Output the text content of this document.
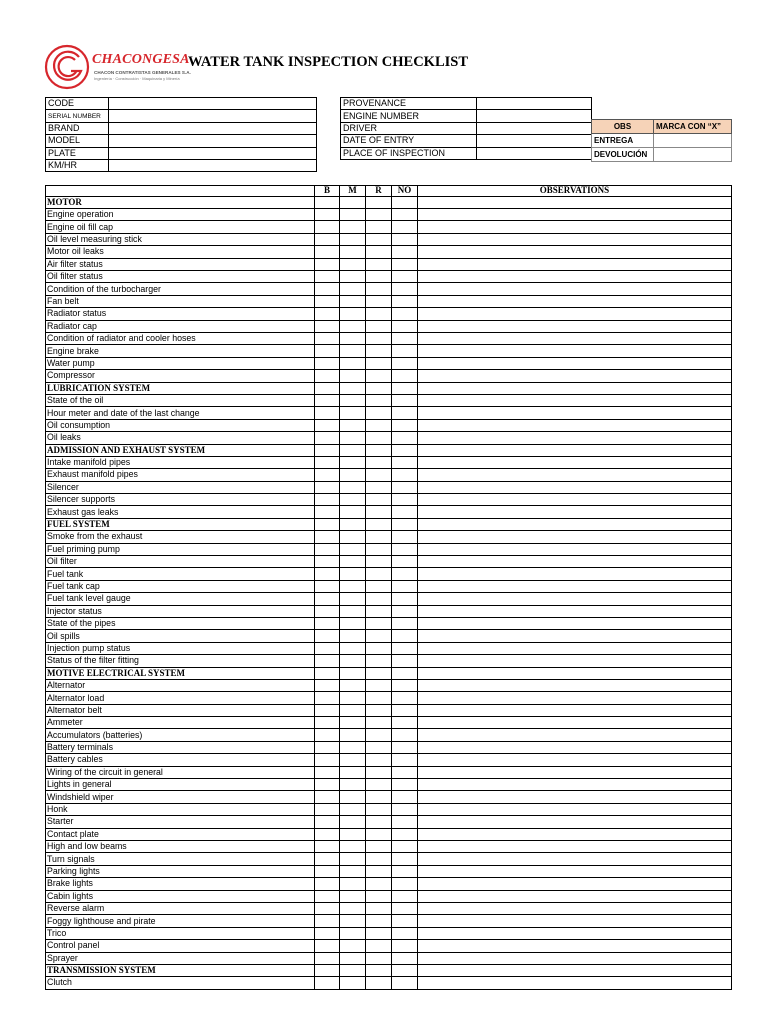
CHACONGESA
CHACON CONTRATISTAS GENERALES S.A.
Ingeniería · Construcción · Maquinaria y Minería
WATER TANK INSPECTION CHECKLIST
CODE	
SERIAL NUMBER	
BRAND	
MODEL	
PLATE	
KM/HR	
PROVENANCE	
ENGINE NUMBER	
DRIVER	
DATE OF ENTRY	
PLACE OF INSPECTION	
OBS	MARCA CON “X”
ENTREGA	
DEVOLUCIÓN	
	B	M	R	NO	OBSERVATIONS
MOTOR					
Engine operation					
Engine oil fill cap					
Oil level measuring stick					
Motor oil leaks					
Air filter status					
Oil filter status					
Condition of the turbocharger					
Fan belt					
Radiator status					
Radiator cap					
Condition of radiator and cooler hoses					
Engine brake					
Water pump					
Compressor					
LUBRICATION SYSTEM					
State of the oil					
Hour meter and date of the last change					
Oil consumption					
Oil leaks					
ADMISSION AND EXHAUST SYSTEM					
Intake manifold pipes					
Exhaust manifold pipes					
Silencer					
Silencer supports					
Exhaust gas leaks					
FUEL SYSTEM					
Smoke from the exhaust					
Fuel priming pump					
Oil filter					
Fuel tank					
Fuel tank cap					
Fuel tank level gauge					
Injector status					
State of the pipes					
Oil spills					
Injection pump status					
Status of the filter fitting					
MOTIVE ELECTRICAL SYSTEM					
Alternator					
Alternator load					
Alternator belt					
Ammeter					
Accumulators (batteries)					
Battery terminals					
Battery cables					
Wiring of the circuit in general					
Lights in general					
Windshield wiper					
Honk					
Starter					
Contact plate					
High and low beams					
Turn signals					
Parking lights					
Brake lights					
Cabin lights					
Reverse alarm					
Foggy lighthouse and pirate					
Trico					
Control panel					
Sprayer					
TRANSMISSION SYSTEM					
Clutch					
